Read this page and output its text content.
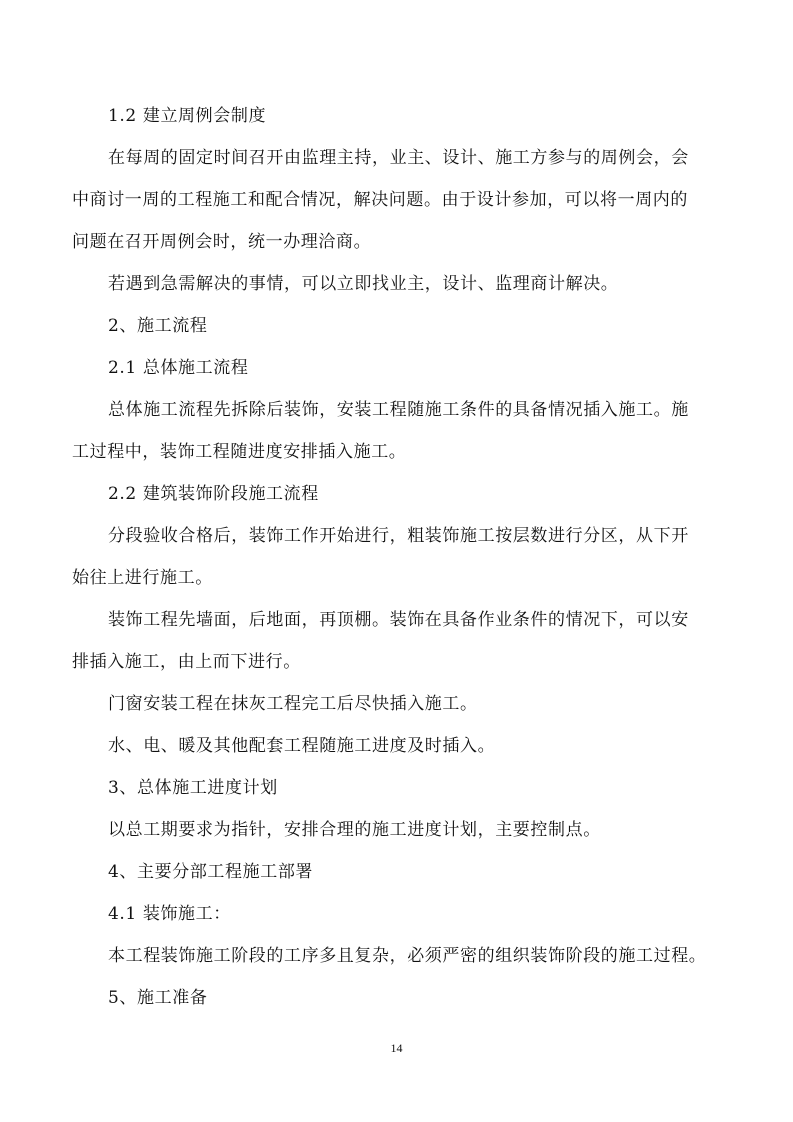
1.2 建立周例会制度
在每周的固定时间召开由监理主持，业主、设计、施工方参与的周例会，会
中商讨一周的工程施工和配合情况，解决问题。由于设计参加，可以将一周内的
问题在召开周例会时，统一办理洽商。
若遇到急需解决的事情，可以立即找业主，设计、监理商计解决。
2、施工流程
2.1 总体施工流程
总体施工流程先拆除后装饰，安装工程随施工条件的具备情况插入施工。施
工过程中，装饰工程随进度安排插入施工。
2.2 建筑装饰阶段施工流程
分段验收合格后，装饰工作开始进行，粗装饰施工按层数进行分区，从下开
始往上进行施工。
装饰工程先墙面，后地面，再顶棚。装饰在具备作业条件的情况下，可以安
排插入施工，由上而下进行。
门窗安装工程在抹灰工程完工后尽快插入施工。
水、电、暖及其他配套工程随施工进度及时插入。
3、总体施工进度计划
以总工期要求为指针，安排合理的施工进度计划，主要控制点。
4、主要分部工程施工部署
4.1 装饰施工：
本工程装饰施工阶段的工序多且复杂，必须严密的组织装饰阶段的施工过程。
5、施工准备
14
